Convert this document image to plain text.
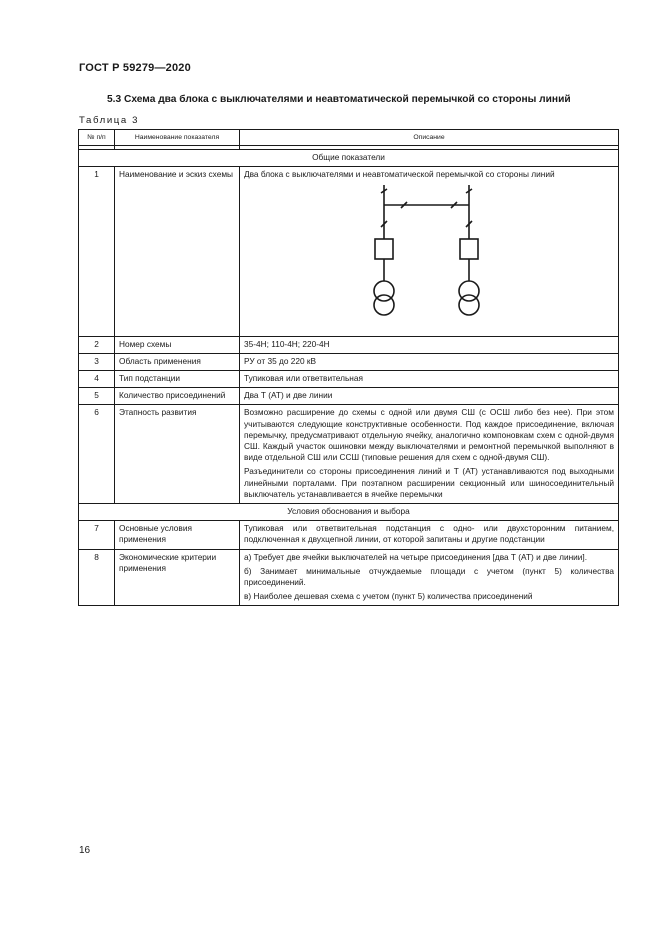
ГОСТ Р 59279—2020
5.3 Схема два блока с выключателями и неавтоматической перемычкой со стороны линий
Таблица 3
№ п/п	Наименование показателя	Описание

Общие показатели		
1	Наименование и эскиз схемы	Два блока с выключателями и неавтоматической перемычкой со стороны линий

2	Номер схемы	35-4Н; 110-4Н; 220-4Н

3	Область применения	РУ от 35 до 220 кВ

4	Тип подстанции	Тупиковая или ответвительная

5	Количество присоединений	Два Т (АТ) и две линии

6	Этапность развития	Возможно расширение до схемы с одной или двумя СШ (с ОСШ либо без нее). При этом учитываются следующие конструктивные особенности. Под каждое присоединение, включая перемычку, предусматривают отдельную ячейку, аналогично компоновкам схем с одной-двумя СШ. Каждый участок ошиновки между выключателями и ремонтной перемычкой выполняют в виде отдельной СШ или ССШ (типовые решения для схем с одной-двумя СШ).

Разъединители со стороны присоединения линий и Т (АТ) устанавливаются под выходными линейными порталами. При поэтапном расширении секционный или шиносоединительный выключатель устанавливается в ячейке перемычки

Условия обоснования и выбора		
7	Основные условия применения	Тупиковая или ответвительная подстанция с одно- или двухсторонним питанием, подключенная к двухцепной линии, от которой запитаны и другие подстанции

8	Экономические критерии применения	а) Требует две ячейки выключателей на четыре присоединения [два Т (АТ) и две линии].

б) Занимает минимальные отчуждаемые площади с учетом (пункт 5) количества присоединений.

в) Наиболее дешевая схема с учетом (пункт 5) количества присоединений

16
